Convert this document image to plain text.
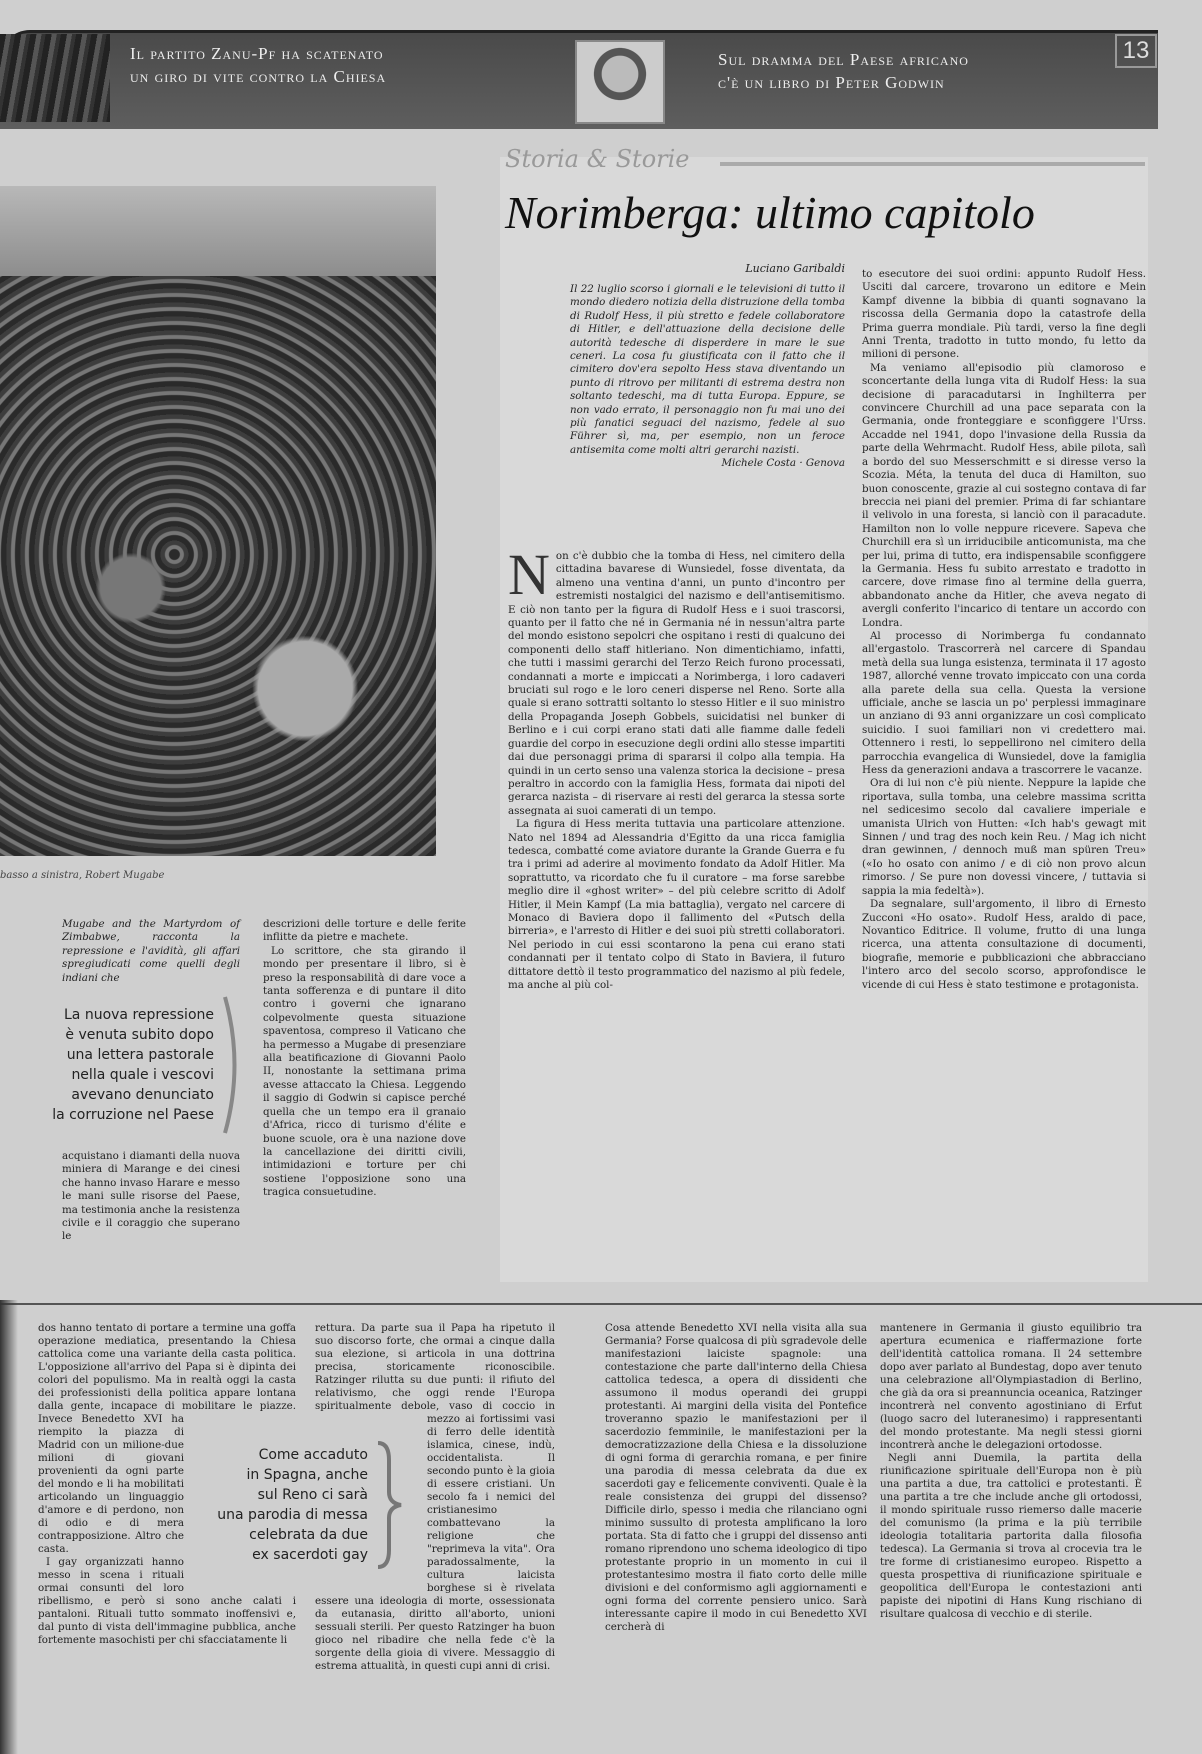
Il partito Zanu-Pf ha scatenato
un giro di vite contro la Chiesa
Sul dramma del Paese africano
c'è un libro di Peter Godwin
13
basso a sinistra, Robert Mugabe

Mugabe and the Martyrdom of Zimbabwe, racconta la repressione e l'avidità, gli affari spregiudicati come quelli degli indiani che

La nuova repressione
è venuta subito dopo
una lettera pastorale
nella quale i vescovi
avevano denunciato
la corruzione nel Paese

acquistano i diamanti della nuova miniera di Marange e dei cinesi che hanno invaso Harare e messo le mani sulle risorse del Paese, ma testimonia anche la resistenza civile e il coraggio che superano le

descrizioni delle torture e delle ferite inflitte da pietre e machete.

Lo scrittore, che sta girando il mondo per presentare il libro, si è preso la responsabilità di dare voce a tanta sofferenza e di puntare il dito contro i governi che ignarano colpevolmente questa situazione spaventosa, compreso il Vaticano che ha permesso a Mugabe di presenziare alla beatificazione di Giovanni Paolo II, nonostante la settimana prima avesse attaccato la Chiesa. Leggendo il saggio di Godwin si capisce perché quella che un tempo era il granaio d'Africa, ricco di turismo d'élite e buone scuole, ora è una nazione dove la cancellazione dei diritti civili, intimidazioni e torture per chi sostiene l'opposizione sono una tragica consuetudine.

Storia & Storie
Norimberga: ultimo capitolo
Luciano Garibaldi

Il 22 luglio scorso i giornali e le televisioni di tutto il mondo diedero notizia della distruzione della tomba di Rudolf Hess, il più stretto e fedele collaboratore di Hitler, e dell'attuazione della decisione delle autorità tedesche di disperdere in mare le sue ceneri. La cosa fu giustificata con il fatto che il cimitero dov'era sepolto Hess stava diventando un punto di ritrovo per militanti di estrema destra non soltanto tedeschi, ma di tutta Europa. Eppure, se non vado errato, il personaggio non fu mai uno dei più fanatici seguaci del nazismo, fedele al suo Führer sì, ma, per esempio, non un feroce antisemita come molti altri gerarchi nazisti.

Michele Costa · Genova
N on c'è dubbio che la tomba di Hess, nel cimitero della cittadina bavarese di Wunsiedel, fosse diventata, da almeno una ventina d'anni, un punto d'incontro per estremisti nostalgici del nazismo e dell'antisemitismo. E ciò non tanto per la figura di Rudolf Hess e i suoi trascorsi, quanto per il fatto che né in Germania né in nessun'altra parte del mondo esistono sepolcri che ospitano i resti di qualcuno dei componenti dello staff hitleriano. Non dimentichiamo, infatti, che tutti i massimi gerarchi del Terzo Reich furono processati, condannati a morte e impiccati a Norimberga, i loro cadaveri bruciati sul rogo e le loro ceneri disperse nel Reno. Sorte alla quale si erano sottratti soltanto lo stesso Hitler e il suo ministro della Propaganda Joseph Gobbels, suicidatisi nel bunker di Berlino e i cui corpi erano stati dati alle fiamme dalle fedeli guardie del corpo in esecuzione degli ordini allo stesse impartiti dai due personaggi prima di spararsi il colpo alla tempia. Ha quindi in un certo senso una valenza storica la decisione – presa peraltro in accordo con la famiglia Hess, formata dai nipoti del gerarca nazista – di riservare ai resti del gerarca la stessa sorte assegnata ai suoi camerati di un tempo.

La figura di Hess merita tuttavia una particolare attenzione. Nato nel 1894 ad Alessandria d'Egitto da una ricca famiglia tedesca, combatté come aviatore durante la Grande Guerra e fu tra i primi ad aderire al movimento fondato da Adolf Hitler. Ma soprattutto, va ricordato che fu il curatore – ma forse sarebbe meglio dire il «ghost writer» – del più celebre scritto di Adolf Hitler, il Mein Kampf (La mia battaglia), vergato nel carcere di Monaco di Baviera dopo il fallimento del «Putsch della birreria», e l'arresto di Hitler e dei suoi più stretti collaboratori. Nel periodo in cui essi scontarono la pena cui erano stati condannati per il tentato colpo di Stato in Baviera, il futuro dittatore dettò il testo programmatico del nazismo al più fedele, ma anche al più col-

to esecutore dei suoi ordini: appunto Rudolf Hess. Usciti dal carcere, trovarono un editore e Mein Kampf divenne la bibbia di quanti sognavano la riscossa della Germania dopo la catastrofe della Prima guerra mondiale. Più tardi, verso la fine degli Anni Trenta, tradotto in tutto mondo, fu letto da milioni di persone.

Ma veniamo all'episodio più clamoroso e sconcertante della lunga vita di Rudolf Hess: la sua decisione di paracadutarsi in Inghilterra per convincere Churchill ad una pace separata con la Germania, onde fronteggiare e sconfiggere l'Urss. Accadde nel 1941, dopo l'invasione della Russia da parte della Wehrmacht. Rudolf Hess, abile pilota, salì a bordo del suo Messerschmitt e si diresse verso la Scozia. Méta, la tenuta del duca di Hamilton, suo buon conoscente, grazie al cui sostegno contava di far breccia nei piani del premier. Prima di far schiantare il velivolo in una foresta, si lanciò con il paracadute. Hamilton non lo volle neppure ricevere. Sapeva che Churchill era sì un irriducibile anticomunista, ma che per lui, prima di tutto, era indispensabile sconfiggere la Germania. Hess fu subito arrestato e tradotto in carcere, dove rimase fino al termine della guerra, abbandonato anche da Hitler, che aveva negato di avergli conferito l'incarico di tentare un accordo con Londra.

Al processo di Norimberga fu condannato all'ergastolo. Trascorrerà nel carcere di Spandau metà della sua lunga esistenza, terminata il 17 agosto 1987, allorché venne trovato impiccato con una corda alla parete della sua cella. Questa la versione ufficiale, anche se lascia un po' perplessi immaginare un anziano di 93 anni organizzare un così complicato suicidio. I suoi familiari non vi credettero mai. Ottennero i resti, lo seppellirono nel cimitero della parrocchia evangelica di Wunsiedel, dove la famiglia Hess da generazioni andava a trascorrere le vacanze.

Ora di lui non c'è più niente. Neppure la lapide che riportava, sulla tomba, una celebre massima scritta nel sedicesimo secolo dal cavaliere imperiale e umanista Ulrich von Hutten: «Ich hab's gewagt mit Sinnen / und trag des noch kein Reu. / Mag ich nicht dran gewinnen, / dennoch muß man spüren Treu» («Io ho osato con animo / e di ciò non provo alcun rimorso. / Se pure non dovessi vincere, / tuttavia si sappia la mia fedeltà»).

Da segnalare, sull'argomento, il libro di Ernesto Zucconi «Ho osato». Rudolf Hess, araldo di pace, Novantico Editrice. Il volume, frutto di una lunga ricerca, una attenta consultazione di documenti, biografie, memorie e pubblicazioni che abbracciano l'intero arco del secolo scorso, approfondisce le vicende di cui Hess è stato testimone e protagonista.

dos hanno tentato di portare a termine una goffa operazione mediatica, presentando la Chiesa cattolica come una variante della casta politica. L'opposizione all'arrivo del Papa si è dipinta dei colori del populismo. Ma in realtà oggi la casta dei professionisti della politica appare lontana dalla gente, incapace di mobilitare le piazze. Invece Benedetto XVI ha riempito la piazza di Madrid con un milione-due milioni di giovani provenienti da ogni parte del mondo e li ha mobilitati articolando un linguaggio d'amore e di perdono, non di odio e di mera contrapposizione. Altro che casta.

I gay organizzati hanno messo in scena i rituali ormai consunti del loro ribellismo, e però si sono anche calati i pantaloni. Rituali tutto sommato inoffensivi e, dal punto di vista dell'immagine pubblica, anche fortemente masochisti per chi sfacciatamente li

rettura. Da parte sua il Papa ha ripetuto il suo discorso forte, che ormai a cinque dalla sua elezione, si articola in una dottrina precisa, storicamente riconoscibile. Ratzinger rilutta su due punti: il rifiuto del relativismo, che oggi rende l'Europa spiritualmente debole, vaso di coccio in mezzo ai fortissimi vasi di ferro delle identità islamica, cinese, indù, occidentalista. Il secondo punto è la gioia di essere cristiani. Un secolo fa i nemici del cristianesimo combattevano la religione che "reprimeva la vita". Ora paradossalmente, la cultura laicista borghese si è rivelata essere una ideologia di morte, ossessionata da eutanasia, diritto all'aborto, unioni sessuali sterili. Per questo Ratzinger ha buon gioco nel ribadire che nella fede c'è la sorgente della gioia di vivere. Messaggio di estrema attualità, in questi cupi anni di crisi.

Come accaduto
in Spagna, anche
sul Reno ci sarà
una parodia di messa
celebrata da due
ex sacerdoti gay

Cosa attende Benedetto XVI nella visita alla sua Germania? Forse qualcosa di più sgradevole delle manifestazioni laiciste spagnole: una contestazione che parte dall'interno della Chiesa cattolica tedesca, a opera di dissidenti che assumono il modus operandi dei gruppi protestanti. Ai margini della visita del Pontefice troveranno spazio le manifestazioni per il sacerdozio femminile, le manifestazioni per la democratizzazione della Chiesa e la dissoluzione di ogni forma di gerarchia romana, e per finire una parodia di messa celebrata da due ex sacerdoti gay e felicemente conviventi. Quale è la reale consistenza dei gruppi del dissenso? Difficile dirlo, spesso i media che rilanciano ogni minimo sussulto di protesta amplificano la loro portata. Sta di fatto che i gruppi del dissenso anti romano riprendono uno schema ideologico di tipo protestante proprio in un momento in cui il protestantesimo mostra il fiato corto delle mille divisioni e del conformismo agli aggiornamenti e ogni forma del corrente pensiero unico. Sarà interessante capire il modo in cui Benedetto XVI cercherà di

mantenere in Germania il giusto equilibrio tra apertura ecumenica e riaffermazione forte dell'identità cattolica romana. Il 24 settembre dopo aver parlato al Bundestag, dopo aver tenuto una celebrazione all'Olympiastadion di Berlino, che già da ora si preannuncia oceanica, Ratzinger incontrerà nel convento agostiniano di Erfut (luogo sacro del luteranesimo) i rappresentanti del mondo protestante. Ma negli stessi giorni incontrerà anche le delegazioni ortodosse.

Negli anni Duemila, la partita della riunificazione spirituale dell'Europa non è più una partita a due, tra cattolici e protestanti. È una partita a tre che include anche gli ortodossi, il mondo spirituale russo riemerso dalle macerie del comunismo (la prima e la più terribile ideologia totalitaria partorita dalla filosofia tedesca). La Germania si trova al crocevia tra le tre forme di cristianesimo europeo. Rispetto a questa prospettiva di riunificazione spirituale e geopolitica dell'Europa le contestazioni anti papiste dei nipotini di Hans Kung rischiano di risultare qualcosa di vecchio e di sterile.
